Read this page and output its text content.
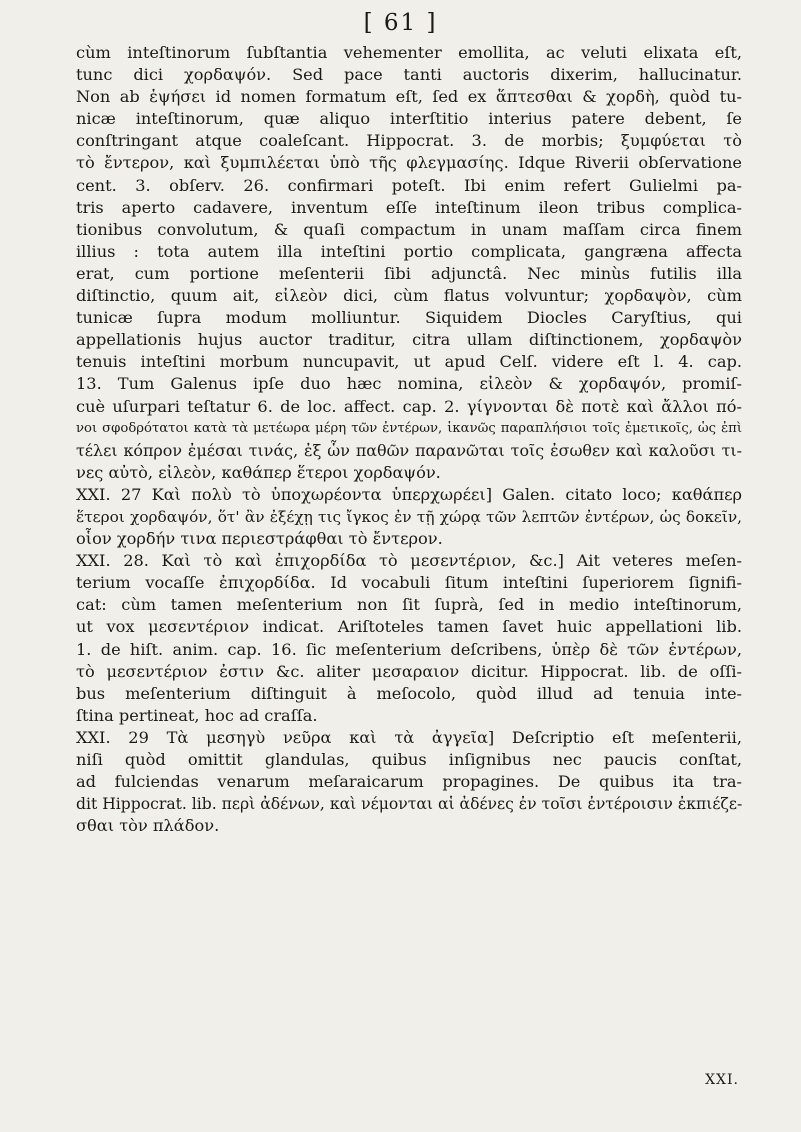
[ 61 ]
cùm inteſtinorum ſubſtantia vehementer emollita, ac veluti elixata eſt,
tunc dici χορδαψόν. Sed pace tanti auctoris dixerim, hallucinatur.
Non ab ἑψήσει id nomen formatum eſt, ſed ex ἅπτεσθαι & χορδὴ, quòd tu-
nicæ inteſtinorum, quæ aliquo interſtitio interius patere debent, ſe
conſtringant atque coaleſcant. Hippocrat. 3. de morbis; ξυμφύεται τὸ
τὸ ἔντερον, καὶ ξυμπιλέεται ὑπὸ τῆς φλεγμασίης. Idque Riverii obſervatione
cent. 3. obſerv. 26. confirmari poteſt. Ibi enim refert Gulielmi pa-
tris aperto cadavere, inventum eſſe inteſtinum ileon tribus complica-
tionibus convolutum, & quaſi compactum in unam maſſam circa finem
illius : tota autem illa inteſtini portio complicata, gangræna affecta
erat, cum portione meſenterii ſibi adjunctâ. Nec minùs futilis illa
diſtinctio, quum ait, εἰλεὸν dici, cùm flatus volvuntur; χορδαψὸν, cùm
tunicæ ſupra modum molliuntur. Siquidem Diocles Caryſtius, qui
appellationis hujus auctor traditur, citra ullam diſtinctionem, χορδαψὸν
tenuis inteſtini morbum nuncupavit, ut apud Celſ. videre eſt l. 4. cap.
13. Tum Galenus ipſe duo hæc nomina, εἰλεὸν & χορδαψόν, promiſ-
cuè uſurpari teſtatur 6. de loc. affect. cap. 2. γίγνονται δὲ ποτὲ καὶ ἄλλοι πό-
νοι σφοδρότατοι κατὰ τὰ μετέωρα μέρη τῶν ἐντέρων, ἱκανῶς παραπλήσιοι τοῖς ἐμετικοῖς, ὡς ἐπὶ
τέλει κόπρον ἐμέσαι τινάς, ἐξ ὧν παθῶν παρανῶται τοῖς ἐσωθεν καὶ καλοῦσι τι-
νες αὐτὸ, εἰλεὸν, καθάπερ ἕτεροι χορδαψόν.
XXI. 27 Καὶ πολὺ τὸ ὑποχωρέοντα ὑπερχωρέει] Galen. citato loco; καθάπερ
ἕτεροι χορδαψόν, ὅτ' ἂν ἐξέχῃ τις ἴγκος ἐν τῇ χώρᾳ τῶν λεπτῶν ἐντέρων, ὡς δοκεῖν,
οἷον χορδήν τινα περιεστράφθαι τὸ ἔντερον.
XXI. 28. Καὶ τὸ καὶ ἐπιχορδίδα τὸ μεσεντέριον, &c.] Ait veteres meſen-
terium vocaſſe ἐπιχορδίδα. Id vocabuli ſitum inteſtini ſuperiorem ſignifi-
cat: cùm tamen meſenterium non ſit ſuprà, ſed in medio inteſtinorum,
ut vox μεσεντέριον indicat. Ariſtoteles tamen ſavet huic appellationi lib.
1. de hiſt. anim. cap. 16. ſic meſenterium deſcribens, ὑπὲρ δὲ τῶν ἐντέρων,
τὸ μεσεντέριον ἐστιν &c. aliter μεσαραιον dicitur. Hippocrat. lib. de oſſi-
bus meſenterium diſtinguit à meſocolo, quòd illud ad tenuia inte-
ſtina pertineat, hoc ad craſſa.
XXI. 29 Τὰ μεσηγὺ νεῦρα καὶ τὰ ἀγγεῖα] Deſcriptio eſt meſenterii,
niſi quòd omittit glandulas, quibus inſignibus nec paucis conſtat,
ad fulciendas venarum meſaraicarum propagines. De quibus ita tra-
dit Hippocrat. lib. περὶ ἀδένων, καὶ νέμονται αἱ ἀδένες ἐν τοῖσι ἐντέροισιν ἐκπιέζε-
σθαι τὸν πλάδον.
XXI.
